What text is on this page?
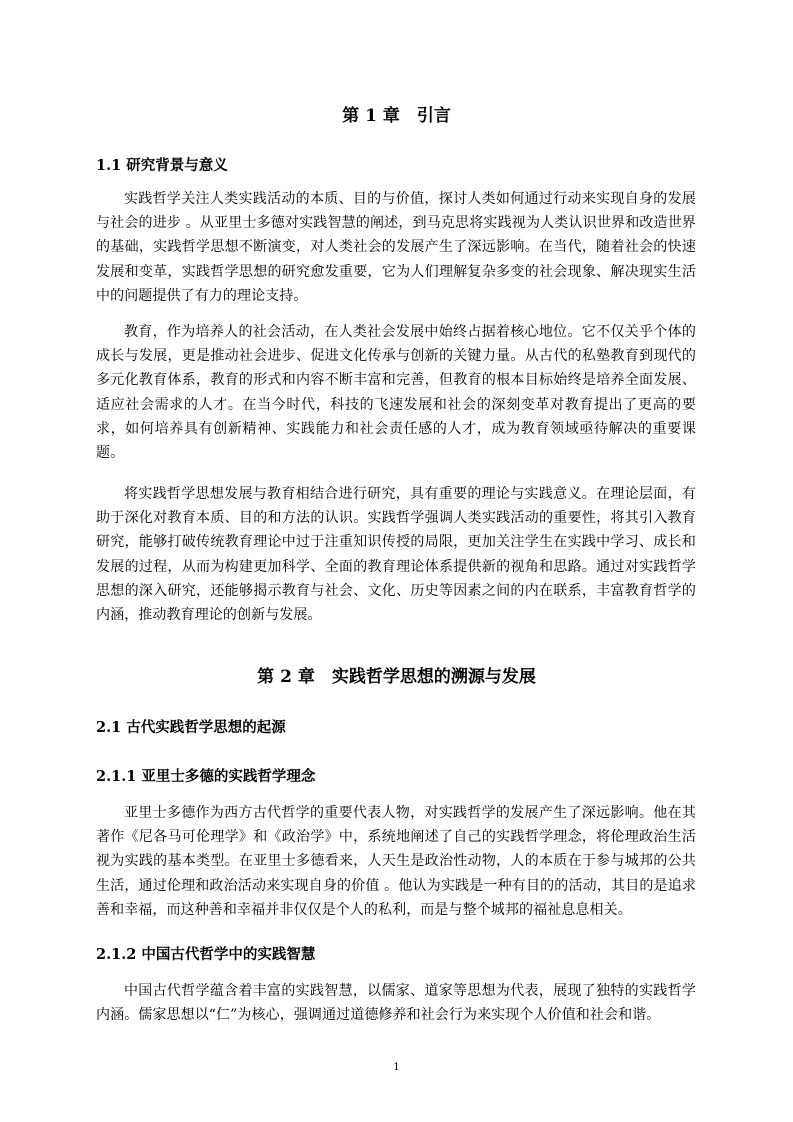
第 1 章　引言
1.1 研究背景与意义

实践哲学关注人类实践活动的本质、目的与价值，探讨人类如何通过行动来实现自身的发展与社会的进步 。从亚里士多德对实践智慧的阐述，到马克思将实践视为人类认识世界和改造世界的基础，实践哲学思想不断演变，对人类社会的发展产生了深远影响。在当代，随着社会的快速发展和变革，实践哲学思想的研究愈发重要，它为人们理解复杂多变的社会现象、解决现实生活中的问题提供了有力的理论支持。

教育，作为培养人的社会活动，在人类社会发展中始终占据着核心地位。它不仅关乎个体的成长与发展，更是推动社会进步、促进文化传承与创新的关键力量。从古代的私塾教育到现代的多元化教育体系，教育的形式和内容不断丰富和完善，但教育的根本目标始终是培养全面发展、适应社会需求的人才。在当今时代，科技的飞速发展和社会的深刻变革对教育提出了更高的要求，如何培养具有创新精神、实践能力和社会责任感的人才，成为教育领域亟待解决的重要课题。

将实践哲学思想发展与教育相结合进行研究，具有重要的理论与实践意义。在理论层面，有助于深化对教育本质、目的和方法的认识。实践哲学强调人类实践活动的重要性，将其引入教育研究，能够打破传统教育理论中过于注重知识传授的局限，更加关注学生在实践中学习、成长和发展的过程，从而为构建更加科学、全面的教育理论体系提供新的视角和思路。通过对实践哲学思想的深入研究，还能够揭示教育与社会、文化、历史等因素之间的内在联系，丰富教育哲学的内涵，推动教育理论的创新与发展。

第 2 章　实践哲学思想的溯源与发展
2.1 古代实践哲学思想的起源
2.1.1 亚里士多德的实践哲学理念

亚里士多德作为西方古代哲学的重要代表人物，对实践哲学的发展产生了深远影响。他在其著作《尼各马可伦理学》和《政治学》中，系统地阐述了自己的实践哲学理念，将伦理政治生活视为实践的基本类型。在亚里士多德看来，人天生是政治性动物，人的本质在于参与城邦的公共生活，通过伦理和政治活动来实现自身的价值 。他认为实践是一种有目的的活动，其目的是追求善和幸福，而这种善和幸福并非仅仅是个人的私利，而是与整个城邦的福祉息息相关。

2.1.2 中国古代哲学中的实践智慧

中国古代哲学蕴含着丰富的实践智慧，以儒家、道家等思想为代表，展现了独特的实践哲学内涵。儒家思想以“仁”为核心，强调通过道德修养和社会行为来实现个人价值和社会和谐。

1
